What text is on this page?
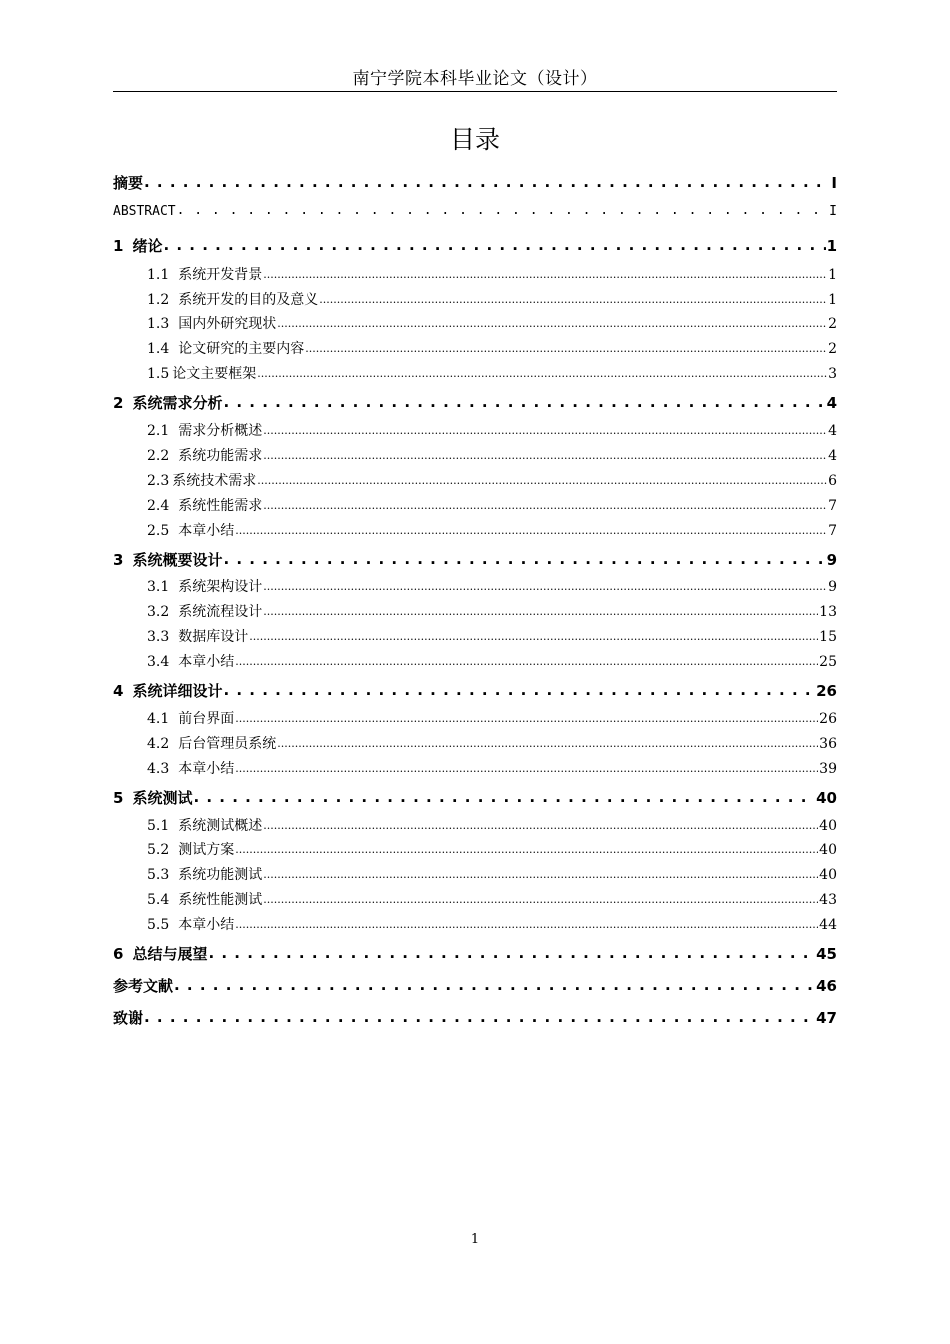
南宁学院本科毕业论文（设计）
目录
摘要 . . .	I
ABSTRACT . . .	I
1 绪论 . . .	1
1.1 系统开发背景 .....	1
1.2 系统开发的目的及意义 .....	1
1.3 国内外研究现状 .....	2
1.4 论文研究的主要内容 .....	2
1.5 论文主要框架 .....	3
2 系统需求分析 . . .	4
2.1 需求分析概述 .....	4
2.2 系统功能需求 .....	4
2.3 系统技术需求 .....	6
2.4 系统性能需求 .....	7
2.5 本章小结 .....	7
3 系统概要设计 . . .	9
3.1 系统架构设计 .....	9
3.2 系统流程设计 .....	13
3.3 数据库设计 .....	15
3.4 本章小结 .....	25
4 系统详细设计 . . .	26
4.1 前台界面 .....	26
4.2 后台管理员系统 .....	36
4.3 本章小结 .....	39
5 系统测试 . . .	40
5.1 系统测试概述 .....	40
5.2 测试方案 .....	40
5.3 系统功能测试 .....	40
5.4 系统性能测试 .....	43
5.5 本章小结 .....	44
6 总结与展望 . . .	45
参考文献 . . .	46
致谢 . . .	47
1
